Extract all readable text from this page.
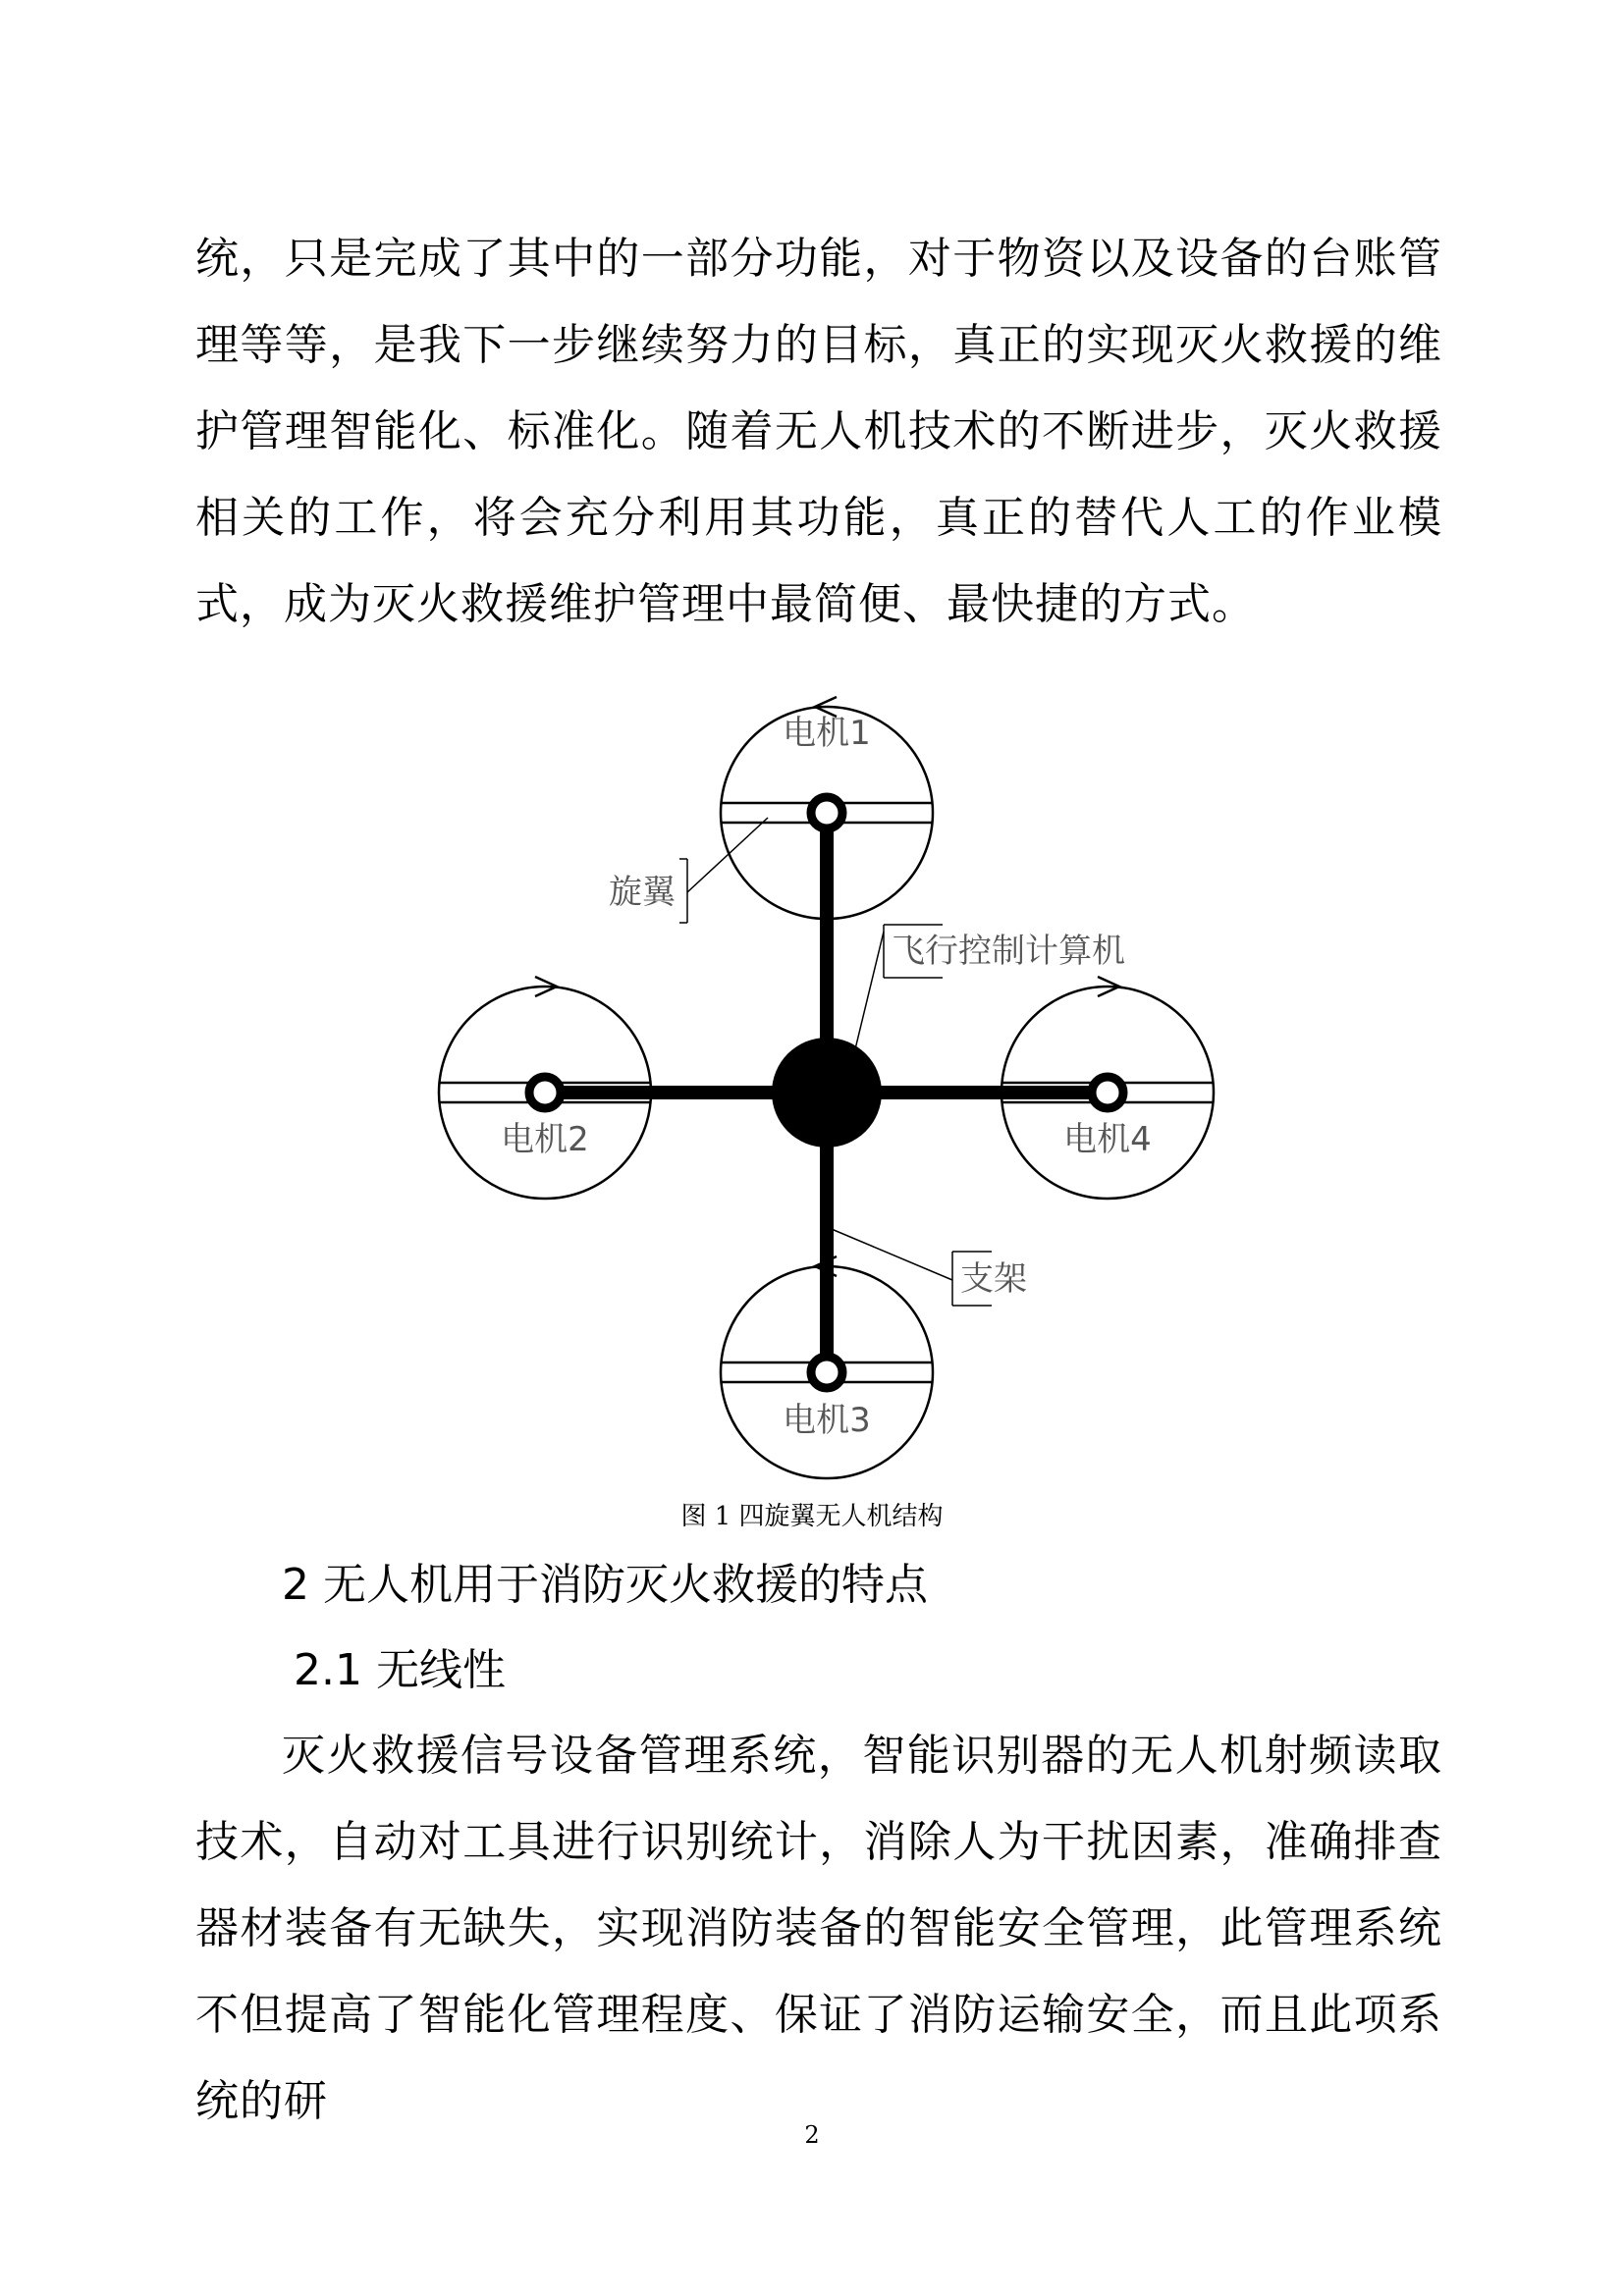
统，只是完成了其中的一部分功能，对于物资以及设备的台账管理等等，是我下一步继续努力的目标，真正的实现灭火救援的维护管理智能化、标准化。随着无人机技术的不断进步，灭火救援相关的工作，将会充分利用其功能，真正的替代人工的作业模式，成为灭火救援维护管理中最简便、最快捷的方式。

电机1
电机2	电机4
电机3
旋翼
飞行控制计算机
支架

图 1 四旋翼无人机结构

2 无人机用于消防灭火救援的特点
2.1 无线性

灭火救援信号设备管理系统，智能识别器的无人机射频读取技术，自动对工具进行识别统计，消除人为干扰因素，准确排查器材装备有无缺失，实现消防装备的智能安全管理，此管理系统不但提高了智能化管理程度、保证了消防运输安全，而且此项系统的研

2
